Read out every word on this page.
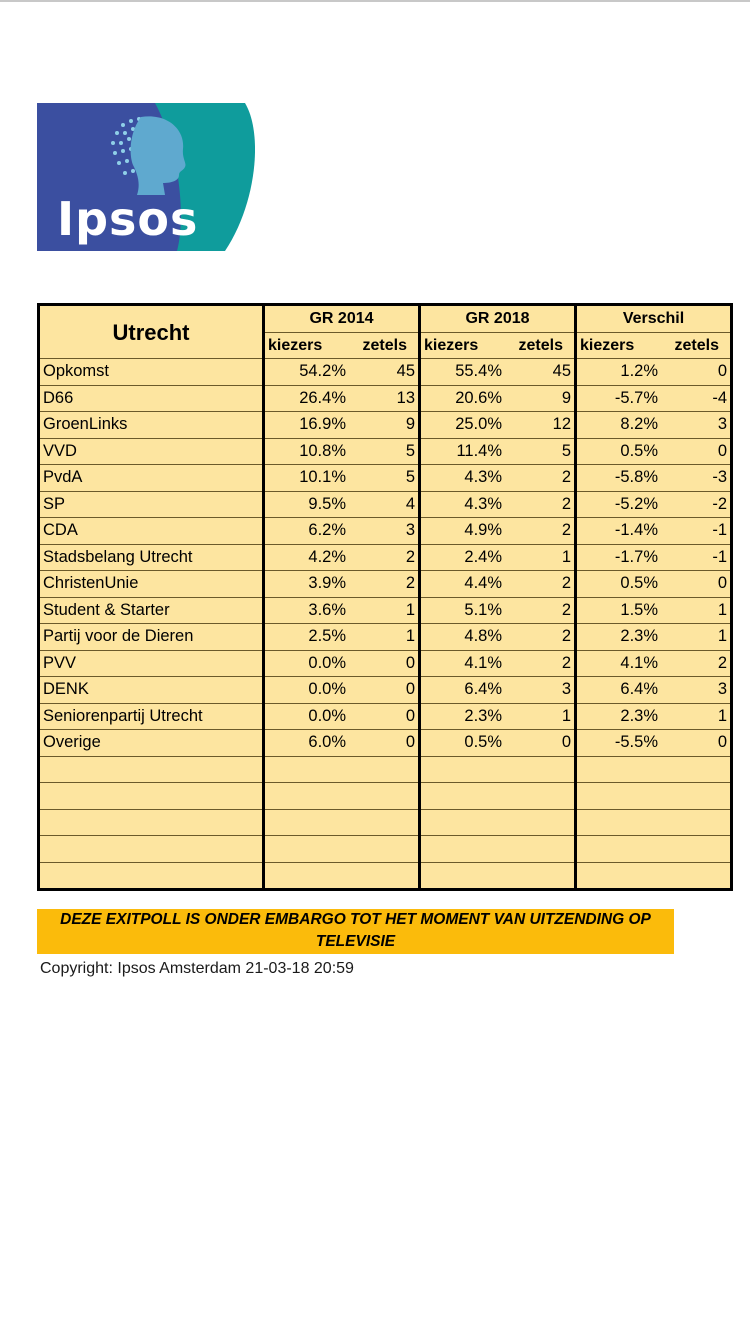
Ipsos
Utrecht	GR 2014		GR 2018		Verschil	
	kiezers zetels		kiezers zetels		kiezers zetels	

Opkomst	54.2%	45	55.4%	45	1.2%	0
D66	26.4%	13	20.6%	9	-5.7%	-4
GroenLinks	16.9%	9	25.0%	12	8.2%	3
VVD	10.8%	5	11.4%	5	0.5%	0
PvdA	10.1%	5	4.3%	2	-5.8%	-3
SP	9.5%	4	4.3%	2	-5.2%	-2
CDA	6.2%	3	4.9%	2	-1.4%	-1
Stadsbelang Utrecht	4.2%	2	2.4%	1	-1.7%	-1
ChristenUnie	3.9%	2	4.4%	2	0.5%	0
Student & Starter	3.6%	1	5.1%	2	1.5%	1
Partij voor de Dieren	2.5%	1	4.8%	2	2.3%	1
PVV	0.0%	0	4.1%	2	4.1%	2
DENK	0.0%	0	6.4%	3	6.4%	3
Seniorenpartij Utrecht	0.0%	0	2.3%	1	2.3%	1
Overige	6.0%	0	0.5%	0	-5.5%	0

DEZE EXITPOLL IS ONDER EMBARGO TOT HET MOMENT VAN UITZENDING OP
TELEVISIE
Copyright: Ipsos Amsterdam 21-03-18 20:59
